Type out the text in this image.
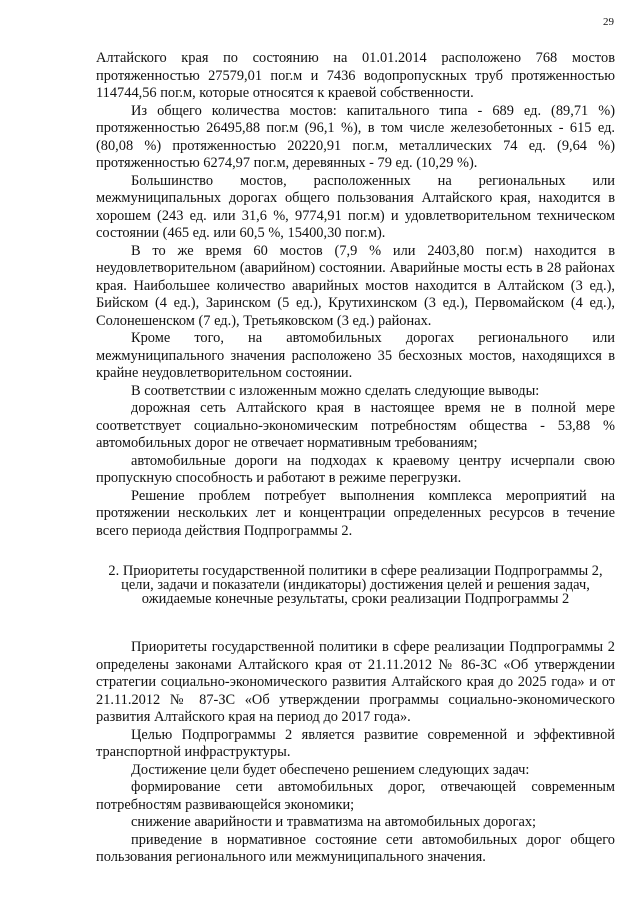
29

Алтайского края по состоянию на 01.01.2014 расположено 768 мостов протяженностью 27579,01 пог.м и 7436 водопропускных труб протяженностью 114744,56 пог.м, которые относятся к краевой собственности.

Из общего количества мостов: капитального типа - 689 ед. (89,71 %) протяженностью 26495,88 пог.м (96,1 %), в том числе железобетонных - 615 ед. (80,08 %) протяженностью 20220,91 пог.м, металлических 74 ед. (9,64 %) протяженностью 6274,97 пог.м, деревянных - 79 ед. (10,29 %).

Большинство мостов, расположенных на региональных или межмуниципальных дорогах общего пользования Алтайского края, находится в хорошем (243 ед. или 31,6 %, 9774,91 пог.м) и удовлетворительном техническом состоянии (465 ед. или 60,5 %, 15400,30 пог.м).

В то же время 60 мостов (7,9 % или 2403,80 пог.м) находится в неудовлетворительном (аварийном) состоянии. Аварийные мосты есть в 28 районах края. Наибольшее количество аварийных мостов находится в Алтайском (3 ед.), Бийском (4 ед.), Заринском (5 ед.), Крутихинском (3 ед.), Первомайском (4 ед.), Солонешенском (7 ед.), Третьяковском (3 ед.) районах.

Кроме того, на автомобильных дорогах регионального или межмуниципального значения расположено 35 бесхозных мостов, находящихся в крайне неудовлетворительном состоянии.

В соответствии с изложенным можно сделать следующие выводы:

дорожная сеть Алтайского края в настоящее время не в полной мере соответствует социально-экономическим потребностям общества - 53,88 % автомобильных дорог не отвечает нормативным требованиям;

автомобильные дороги на подходах к краевому центру исчерпали свою пропускную способность и работают в режиме перегрузки.

Решение проблем потребует выполнения комплекса мероприятий на протяжении нескольких лет и концентрации определенных ресурсов в течение всего периода действия Подпрограммы 2.

2. Приоритеты государственной политики в сфере реализации Подпрограммы 2, цели, задачи и показатели (индикаторы) достижения целей и решения задач, ожидаемые конечные результаты, сроки реализации Подпрограммы 2

Приоритеты государственной политики в сфере реализации Подпрограммы 2 определены законами Алтайского края от 21.11.2012 № 86-ЗС «Об утверждении стратегии социально-экономического развития Алтайского края до 2025 года» и от 21.11.2012 № 87-ЗС «Об утверждении программы социально-экономического развития Алтайского края на период до 2017 года».

Целью Подпрограммы 2 является развитие современной и эффективной транспортной инфраструктуры.

Достижение цели будет обеспечено решением следующих задач:

формирование сети автомобильных дорог, отвечающей современным потребностям развивающейся экономики;

снижение аварийности и травматизма на автомобильных дорогах;

приведение в нормативное состояние сети автомобильных дорог общего пользования регионального или межмуниципального значения.
